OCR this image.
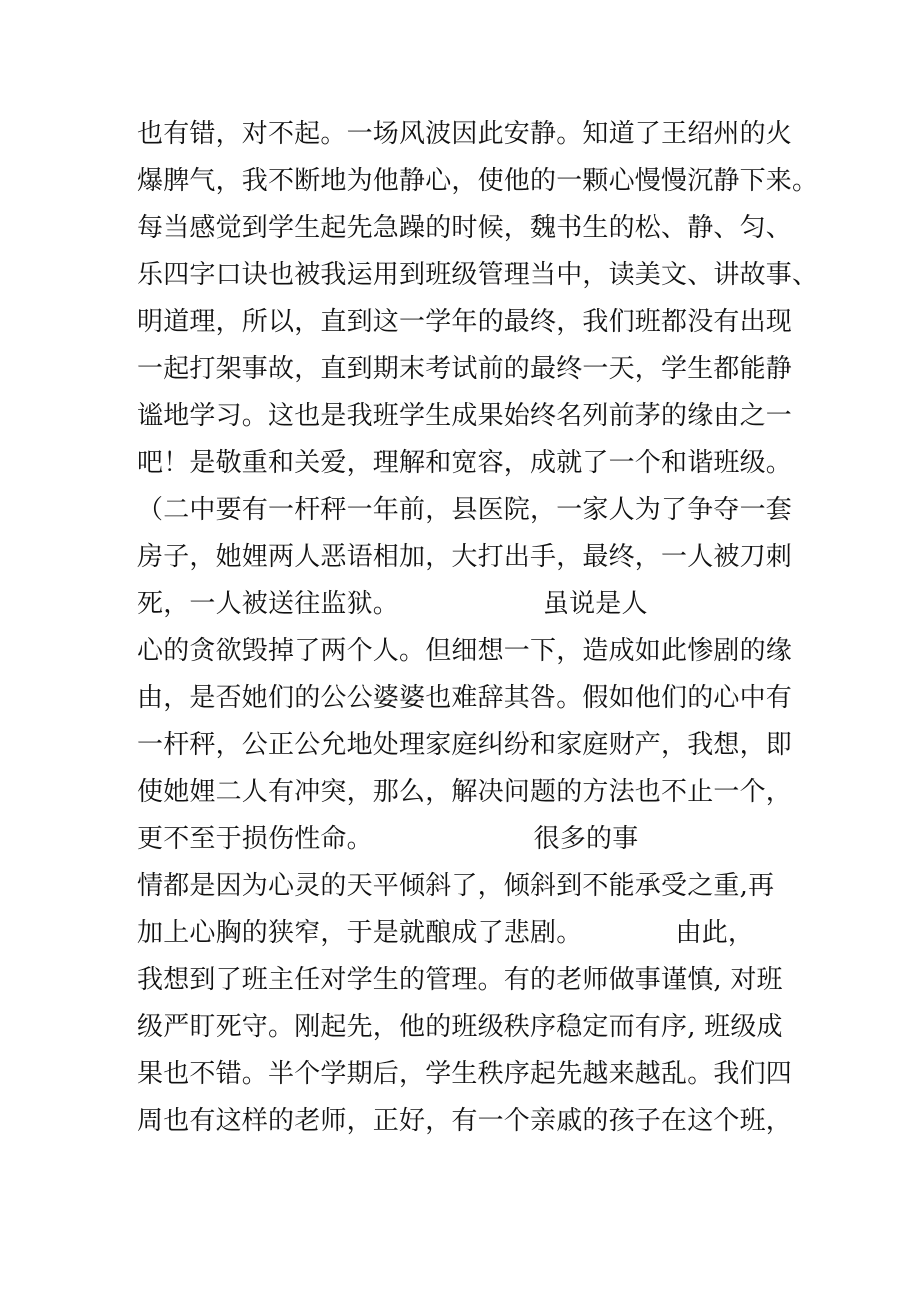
也有错，对不起。一场风波因此安静。知道了王绍州的火
爆脾气，我不断地为他静心，使他的一颗心慢慢沉静下来。
每当感觉到学生起先急躁的时候，魏书生的松、静、匀、
乐四字口诀也被我运用到班级管理当中，读美文、讲故事、
明道理，所以，直到这一学年的最终，我们班都没有出现
一起打架事故，直到期末考试前的最终一天，学生都能静
谧地学习。这也是我班学生成果始终名列前茅的缘由之一
吧！是敬重和关爱，理解和宽容，成就了一个和谐班级。
（二中要有一杆秤一年前，县医院，一家人为了争夺一套
房子，她娌两人恶语相加，大打出手，最终，一人被刀刺
死，一人被送往监狱。                 虽说是人
心的贪欲毁掉了两个人。但细想一下，造成如此惨剧的缘
由，是否她们的公公婆婆也难辞其咎。假如他们的心中有
一杆秤，公正公允地处理家庭纠纷和家庭财产，我想，即
使她娌二人有冲突，那么，解决问题的方法也不止一个，
更不至于损伤性命。                   很多的事
情都是因为心灵的天平倾斜了，倾斜到不能承受之重,再
加上心胸的狭窄，于是就酿成了悲剧。           由此，
我想到了班主任对学生的管理。有的老师做事谨慎, 对班
级严盯死守。刚起先，他的班级秩序稳定而有序, 班级成
果也不错。半个学期后，学生秩序起先越来越乱。我们四
周也有这样的老师，正好，有一个亲戚的孩子在这个班，
